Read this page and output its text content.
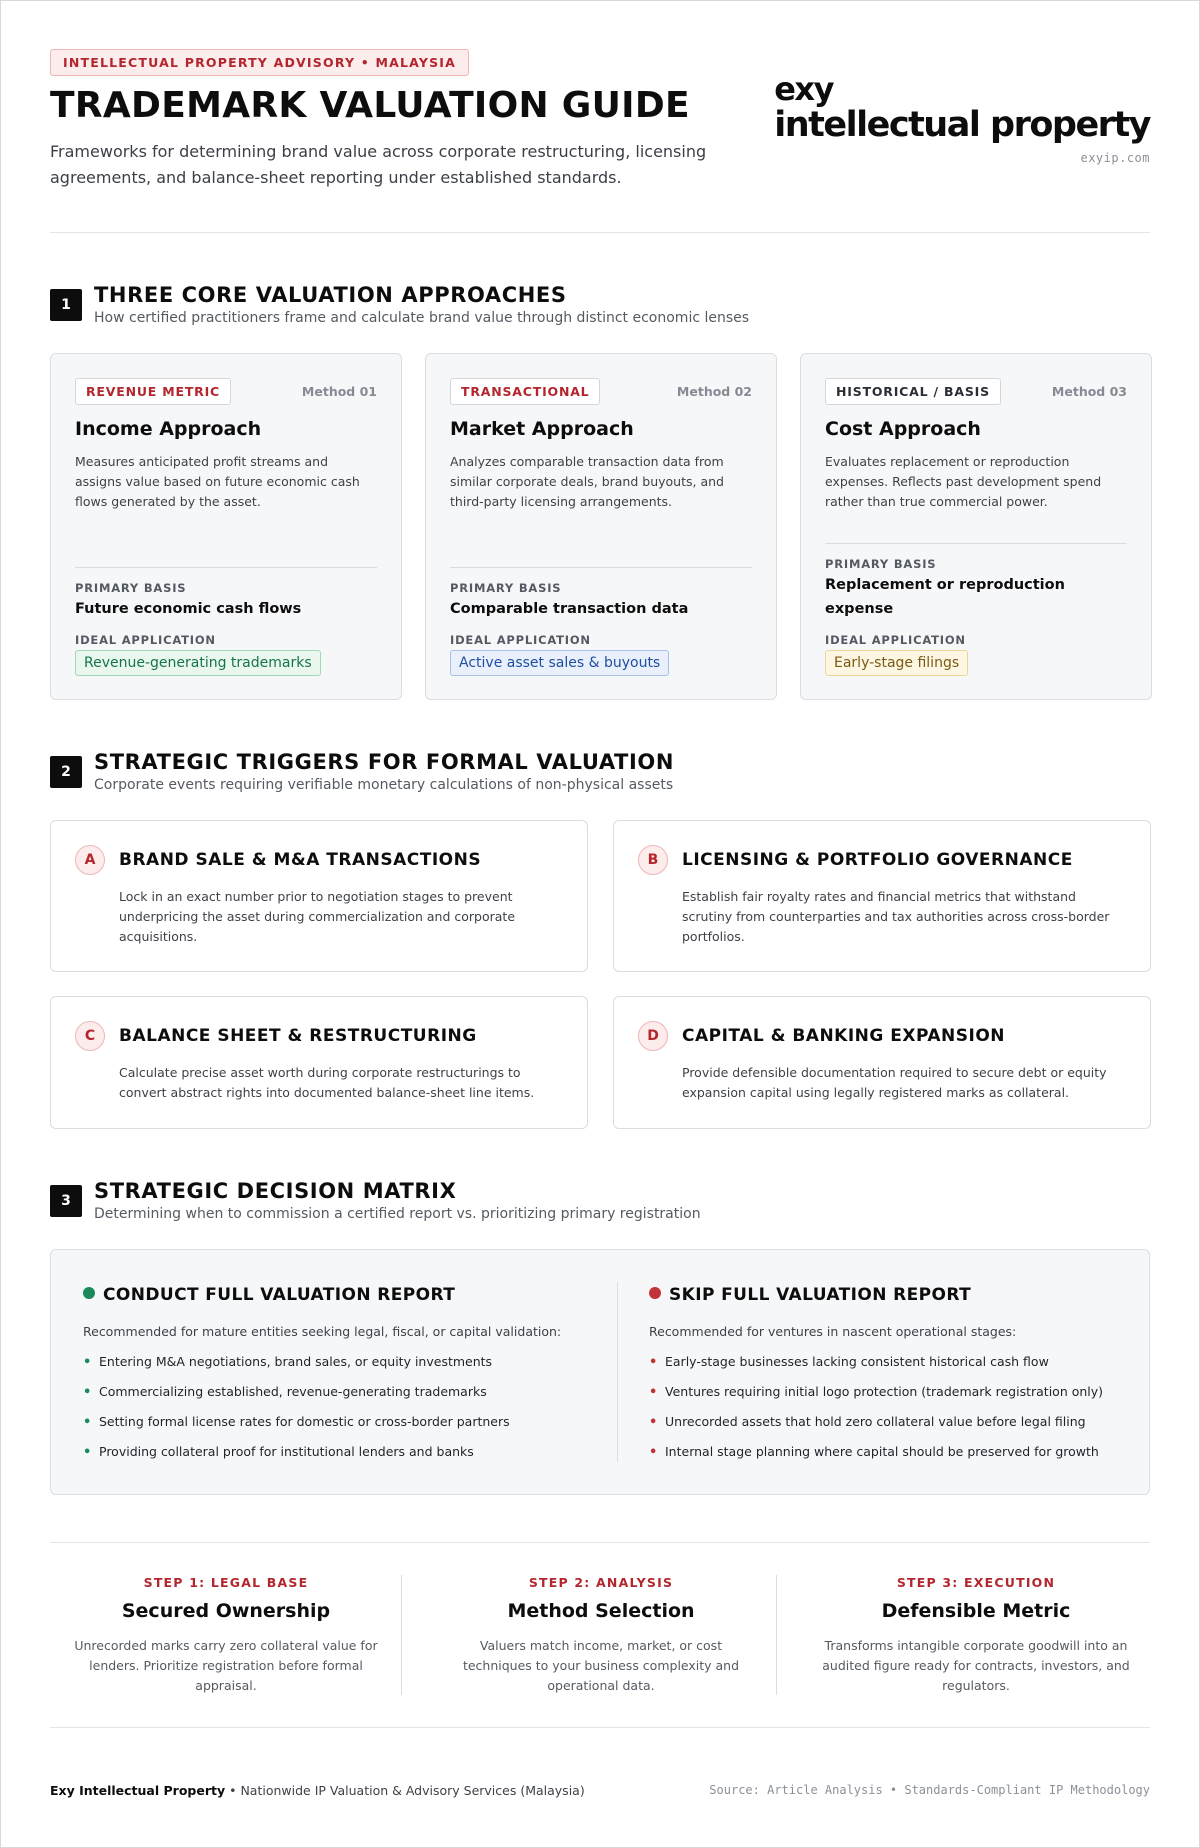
INTELLECTUAL PROPERTY ADVISORY • MALAYSIA
TRADEMARK VALUATION GUIDE
Frameworks for determining brand value across corporate restructuring, licensing agreements, and balance-sheet reporting under established standards.
exy
intellectual property
exyip.com
1	THREE CORE VALUATION APPROACHES
How certified practitioners frame and calculate brand value through distinct economic lenses
REVENUE METRIC	Method 01
Income Approach
Measures anticipated profit streams and assigns value based on future economic cash flows generated by the asset.
PRIMARY BASIS
Future economic cash flows
IDEAL APPLICATION
Revenue-generating trademarks
TRANSACTIONAL	Method 02
Market Approach
Analyzes comparable transaction data from similar corporate deals, brand buyouts, and third-party licensing arrangements.
PRIMARY BASIS
Comparable transaction data
IDEAL APPLICATION
Active asset sales & buyouts
HISTORICAL / BASIS	Method 03
Cost Approach
Evaluates replacement or reproduction expenses. Reflects past development spend rather than true commercial power.
PRIMARY BASIS
Replacement or reproduction expense
IDEAL APPLICATION
Early-stage filings
2	STRATEGIC TRIGGERS FOR FORMAL VALUATION
Corporate events requiring verifiable monetary calculations of non-physical assets
A	BRAND SALE & M&A TRANSACTIONS
Lock in an exact number prior to negotiation stages to prevent underpricing the asset during commercialization and corporate acquisitions.
B	LICENSING & PORTFOLIO GOVERNANCE
Establish fair royalty rates and financial metrics that withstand scrutiny from counterparties and tax authorities across cross-border portfolios.
C	BALANCE SHEET & RESTRUCTURING
Calculate precise asset worth during corporate restructurings to convert abstract rights into documented balance-sheet line items.
D	CAPITAL & BANKING EXPANSION
Provide defensible documentation required to secure debt or equity expansion capital using legally registered marks as collateral.
3	STRATEGIC DECISION MATRIX
Determining when to commission a certified report vs. prioritizing primary registration
CONDUCT FULL VALUATION REPORT
Recommended for mature entities seeking legal, fiscal, or capital validation:
• Entering M&A negotiations, brand sales, or equity investments
• Commercializing established, revenue-generating trademarks
• Setting formal license rates for domestic or cross-border partners
• Providing collateral proof for institutional lenders and banks
SKIP FULL VALUATION REPORT
Recommended for ventures in nascent operational stages:
• Early-stage businesses lacking consistent historical cash flow
• Ventures requiring initial logo protection (trademark registration only)
• Unrecorded assets that hold zero collateral value before legal filing
• Internal stage planning where capital should be preserved for growth
STEP 1: LEGAL BASE
Secured Ownership
Unrecorded marks carry zero collateral value for lenders. Prioritize registration before formal appraisal.
STEP 2: ANALYSIS
Method Selection
Valuers match income, market, or cost techniques to your business complexity and operational data.
STEP 3: EXECUTION
Defensible Metric
Transforms intangible corporate goodwill into an audited figure ready for contracts, investors, and regulators.
Exy Intellectual Property • Nationwide IP Valuation & Advisory Services (Malaysia)	Source: Article Analysis • Standards-Compliant IP Methodology
